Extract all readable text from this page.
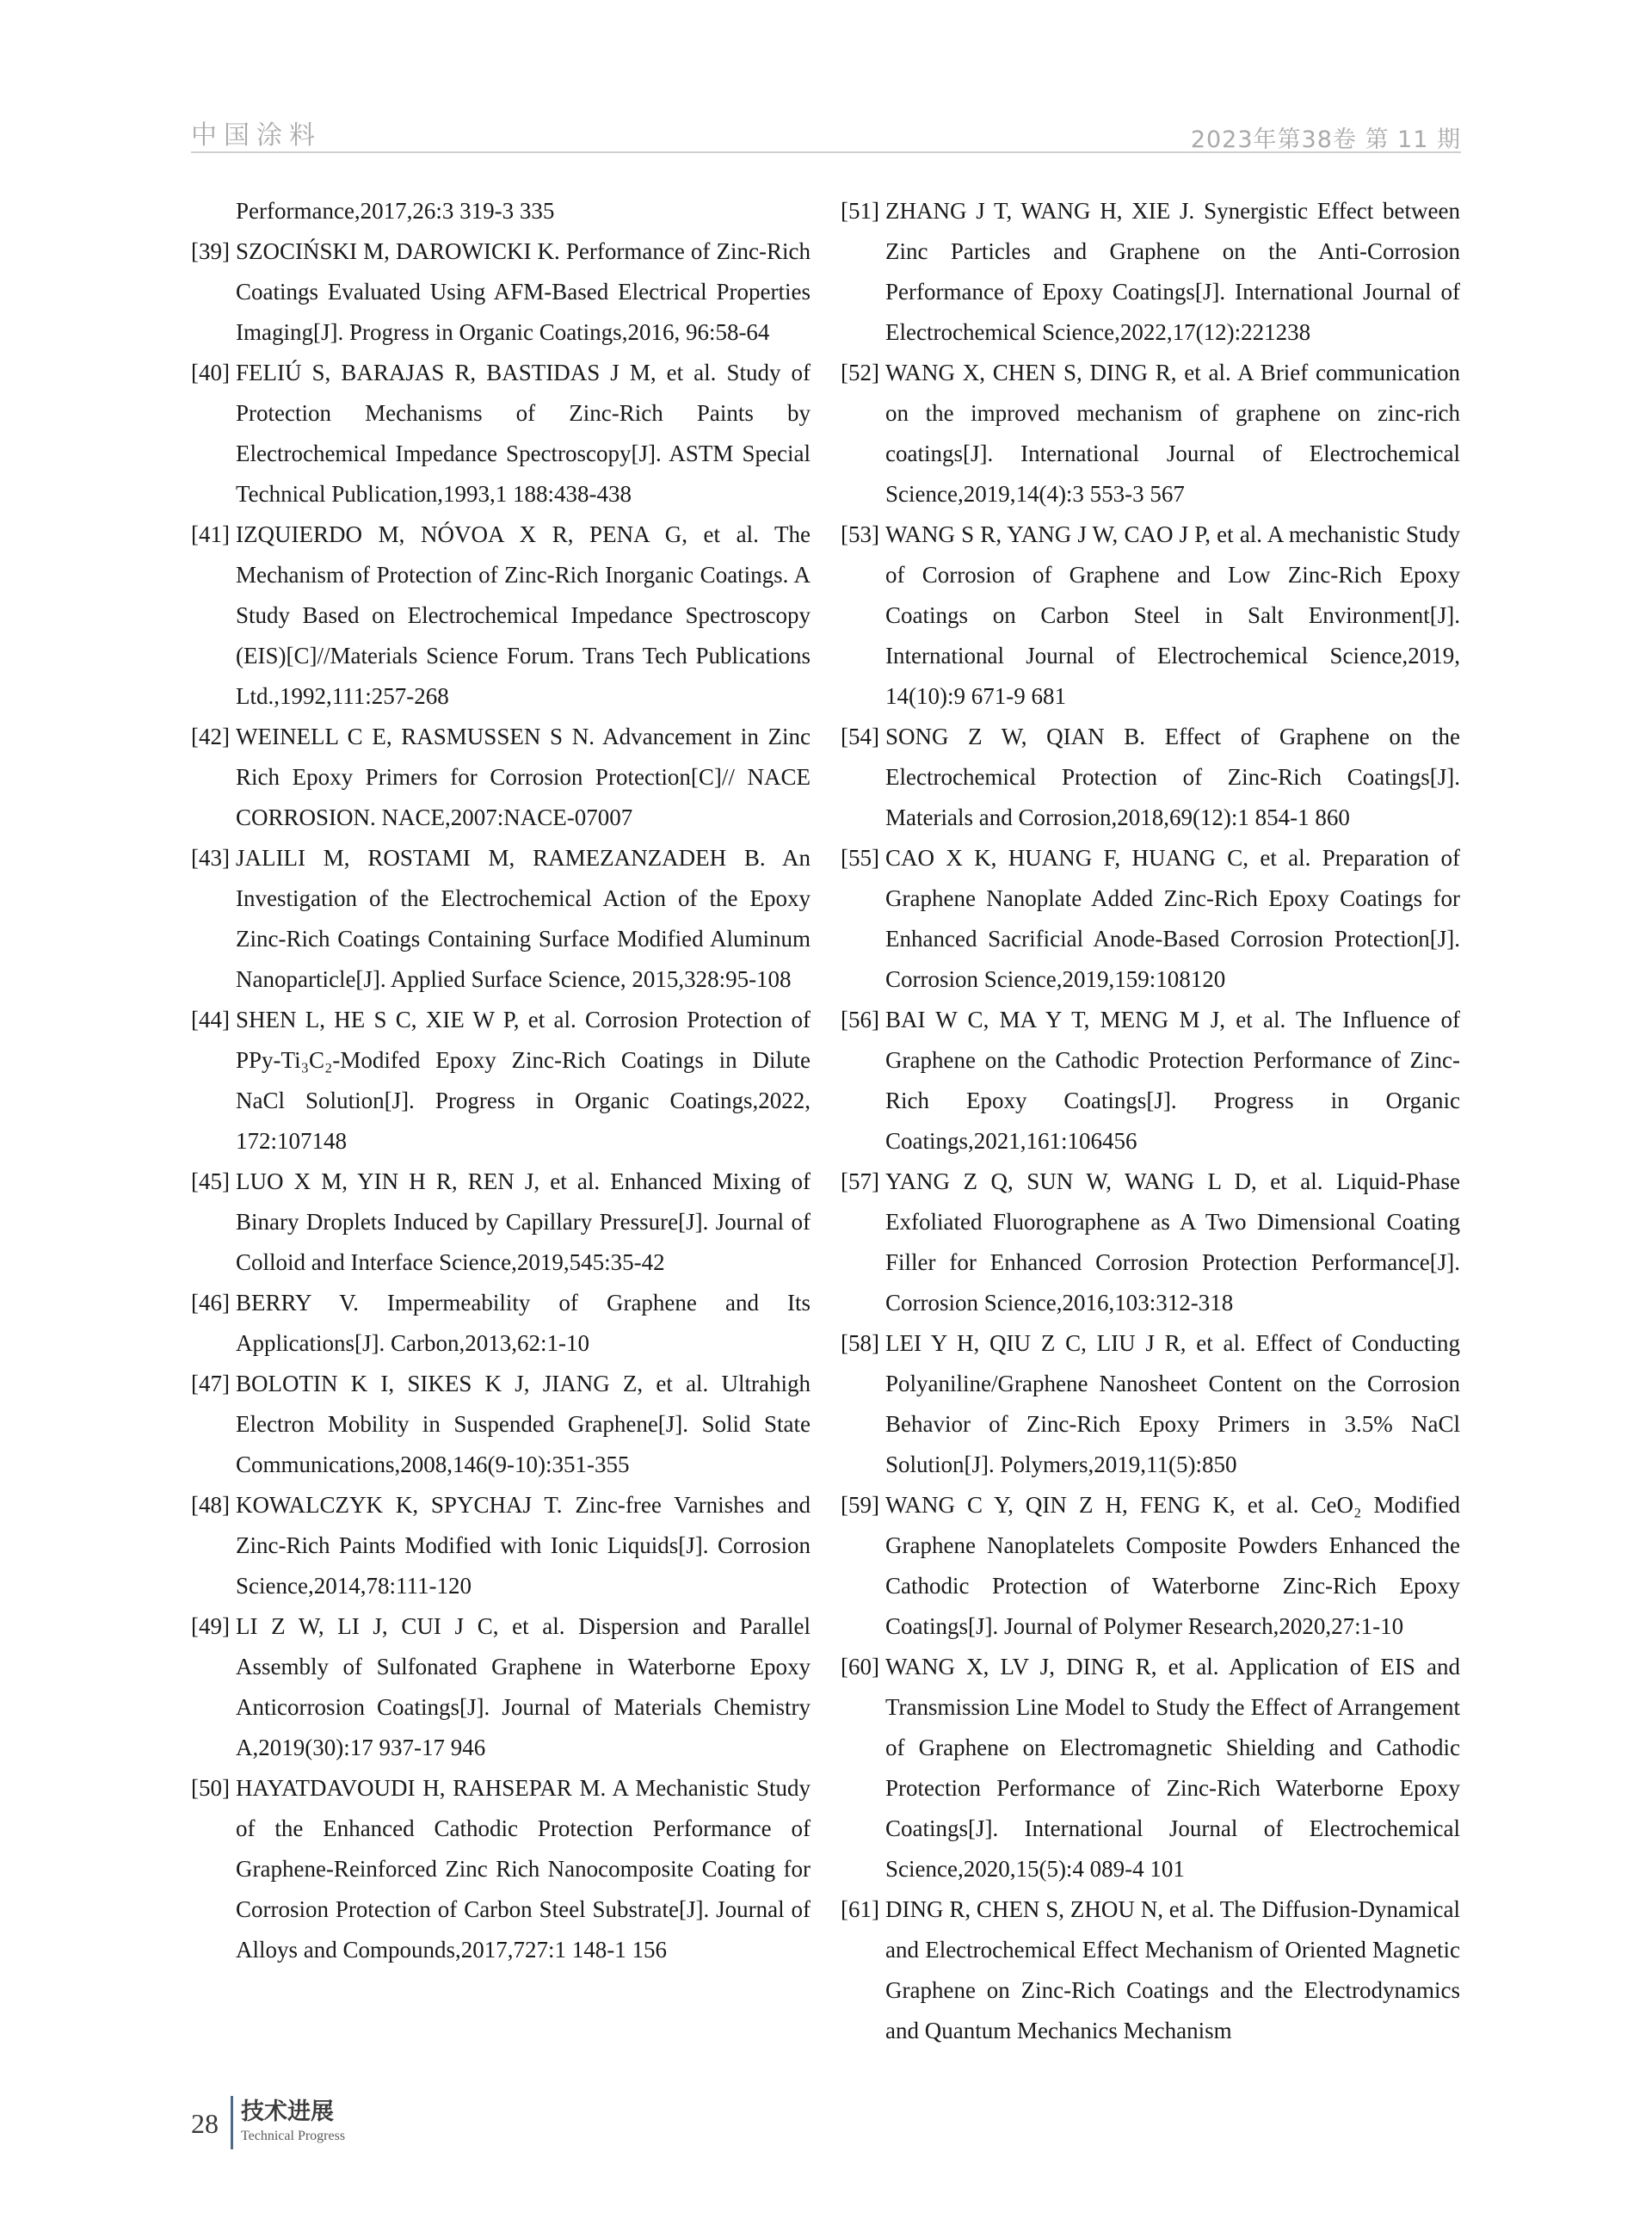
中国涂料	2023年第38卷 第 11 期
Performance,2017,26:3 319-3 335
[39] SZOCIŃSKI M, DAROWICKI K. Performance of Zinc-Rich Coatings Evaluated Using AFM-Based Electrical Properties Imaging[J]. Progress in Organic Coatings,2016, 96:58-64
[40] FELIÚ S, BARAJAS R, BASTIDAS J M, et al. Study of Protection Mechanisms of Zinc-Rich Paints by Electrochemical Impedance Spectroscopy[J]. ASTM Special Technical Publication,1993,1 188:438-438
[41] IZQUIERDO M, NÓVOA X R, PENA G, et al. The Mechanism of Protection of Zinc-Rich Inorganic Coatings. A Study Based on Electrochemical Impedance Spectroscopy (EIS)[C]//Materials Science Forum. Trans Tech Publications Ltd.,1992,111:257-268
[42] WEINELL C E, RASMUSSEN S N. Advancement in Zinc Rich Epoxy Primers for Corrosion Protection[C]// NACE CORROSION. NACE,2007:NACE-07007
[43] JALILI M, ROSTAMI M, RAMEZANZADEH B. An Investigation of the Electrochemical Action of the Epoxy Zinc-Rich Coatings Containing Surface Modified Aluminum Nanoparticle[J]. Applied Surface Science, 2015,328:95-108
[44] SHEN L, HE S C, XIE W P, et al. Corrosion Protection of PPy-Ti₃C₂-Modifed Epoxy Zinc-Rich Coatings in Dilute NaCl Solution[J]. Progress in Organic Coatings,2022, 172:107148
[45] LUO X M, YIN H R, REN J, et al. Enhanced Mixing of Binary Droplets Induced by Capillary Pressure[J]. Journal of Colloid and Interface Science,2019,545:35-42
[46] BERRY V. Impermeability of Graphene and Its Applications[J]. Carbon,2013,62:1-10
[47] BOLOTIN K I, SIKES K J, JIANG Z, et al. Ultrahigh Electron Mobility in Suspended Graphene[J]. Solid State Communications,2008,146(9-10):351-355
[48] KOWALCZYK K, SPYCHAJ T. Zinc-free Varnishes and Zinc-Rich Paints Modified with Ionic Liquids[J]. Corrosion Science,2014,78:111-120
[49] LI Z W, LI J, CUI J C, et al. Dispersion and Parallel Assembly of Sulfonated Graphene in Waterborne Epoxy Anticorrosion Coatings[J]. Journal of Materials Chemistry A,2019(30):17 937-17 946
[50] HAYATDAVOUDI H, RAHSEPAR M. A Mechanistic Study of the Enhanced Cathodic Protection Performance of Graphene-Reinforced Zinc Rich Nanocomposite Coating for Corrosion Protection of Carbon Steel Substrate[J]. Journal of Alloys and Compounds,2017,727:1 148-1 156
[51] ZHANG J T, WANG H, XIE J. Synergistic Effect between Zinc Particles and Graphene on the Anti-Corrosion Performance of Epoxy Coatings[J]. International Journal of Electrochemical Science,2022,17(12):221238
[52] WANG X, CHEN S, DING R, et al. A Brief communication on the improved mechanism of graphene on zinc-rich coatings[J]. International Journal of Electrochemical Science,2019,14(4):3 553-3 567
[53] WANG S R, YANG J W, CAO J P, et al. A mechanistic Study of Corrosion of Graphene and Low Zinc-Rich Epoxy Coatings on Carbon Steel in Salt Environment[J]. International Journal of Electrochemical Science,2019, 14(10):9 671-9 681
[54] SONG Z W, QIAN B. Effect of Graphene on the Electrochemical Protection of Zinc-Rich Coatings[J]. Materials and Corrosion,2018,69(12):1 854-1 860
[55] CAO X K, HUANG F, HUANG C, et al. Preparation of Graphene Nanoplate Added Zinc-Rich Epoxy Coatings for Enhanced Sacrificial Anode-Based Corrosion Protection[J]. Corrosion Science,2019,159:108120
[56] BAI W C, MA Y T, MENG M J, et al. The Influence of Graphene on the Cathodic Protection Performance of Zinc-Rich Epoxy Coatings[J]. Progress in Organic Coatings,2021,161:106456
[57] YANG Z Q, SUN W, WANG L D, et al. Liquid-Phase Exfoliated Fluorographene as A Two Dimensional Coating Filler for Enhanced Corrosion Protection Performance[J]. Corrosion Science,2016,103:312-318
[58] LEI Y H, QIU Z C, LIU J R, et al. Effect of Conducting Polyaniline/Graphene Nanosheet Content on the Corrosion Behavior of Zinc-Rich Epoxy Primers in 3.5% NaCl Solution[J]. Polymers,2019,11(5):850
[59] WANG C Y, QIN Z H, FENG K, et al. CeO₂ Modified Graphene Nanoplatelets Composite Powders Enhanced the Cathodic Protection of Waterborne Zinc-Rich Epoxy Coatings[J]. Journal of Polymer Research,2020,27:1-10
[60] WANG X, LV J, DING R, et al. Application of EIS and Transmission Line Model to Study the Effect of Arrangement of Graphene on Electromagnetic Shielding and Cathodic Protection Performance of Zinc-Rich Waterborne Epoxy Coatings[J]. International Journal of Electrochemical Science,2020,15(5):4 089-4 101
[61] DING R, CHEN S, ZHOU N, et al. The Diffusion-Dynamical and Electrochemical Effect Mechanism of Oriented Magnetic Graphene on Zinc-Rich Coatings and the Electrodynamics and Quantum Mechanics Mechanism
28 技术进展
Technical Progress
